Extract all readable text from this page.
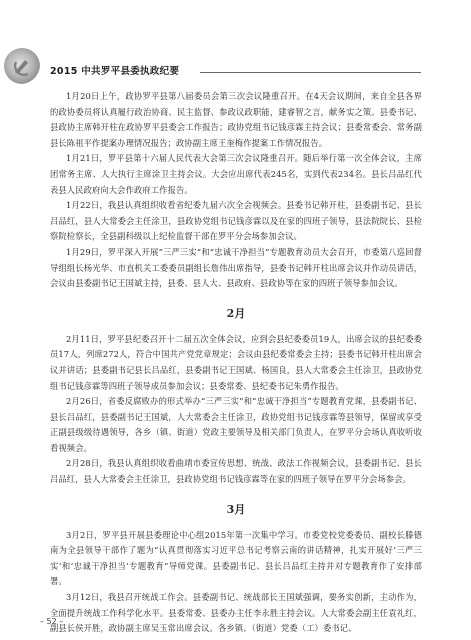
2015 中共罗平县委执政纪要

1月20日上午，政协罗平县第八届委员会第三次会议隆重召开。在4天会议期间，来自全县各界的政协委员将认真履行政治协商、民主监督、参政议政职能，建睿智之言，献务实之策。县委书记、县政协主席韩开柱在政协罗平县委会工作报告；政协党组书记钱彦霖主持会议；县委常委会、常务副县长陈祖平作提案办理情况报告；政协副主席王奎梅作提案工作情况报告。

1月21日，罗平县第十六届人民代表大会第三次会议隆重召开。随后举行第一次全体会议，主席团常务主席、人大执行主席涂卫主持会议。大会应出席代表245名，实到代表234名。县长吕品红代表县人民政府向大会作政府工作报告。

1月22日，我县认真组织收看省纪委九届六次全会视频会。县委书记韩开柱，县委副书记、县长吕品红，县人大常委会主任涂卫，县政协党组书记钱彦霖以及在家的四班子领导，县法院院长、县检察院检察长，全县副科级以上纪检监督干部在罗平分会场参加会议。

1月29日，罗平深入开展“三严三实”和“忠诚干净担当”专题教育动员大会召开，市委第八巡回督导组组长杨光华、市直机关工委委员副组长詹伟出席指导，县委书记韩开柱出席会议并作动员讲话，会议由县委副书记王国斌主持，县委、县人大、县政府、县政协等在家的四班子领导参加会议。

2月

2月11日，罗平县纪委召开十二届五次全体会议，应到会县纪委委员19人，出席会议的县纪委委员17人，列席272人，符合中国共产党党章规定；会议由县纪委常委会主持；县委书记韩开柱出席会议并讲话；县委副书记县长吕品红，县委副书记王国斌、杨国良，县人大常委会主任涂卫，县政协党组书记钱彦霖等四班子领导成员参加会议；县委常委、县纪委书记朱勇作报告。

2月26日，省委反腐败办的形式举办“三严三实”和“忠诚干净担当”专题教育党课，县委副书记、县长吕品红，县委副书记王国斌，人大常委会主任涂卫，政协党组书记钱彦霖等县领导，保留或享受正副县级级待遇领导，各乡（镇、街道）党政主要领导及相关部门负责人，在罗平分会场认真收听收看视频会。

2月28日，我县认真组织收看曲靖市委宣传思想、统战、政法工作视频会议，县委副书记、县长吕品红，县人大常委会主任涂卫，县政协党组书记钱彦霖等在家的四班子领导在罗平分会场参会。

3月

3月2日，罗平县开展县委理论中心组2015年第一次集中学习。市委党校党委委员、副校长滕德南为全县领导干部作了题为“认真贯彻落实习近平总书记考察云南的讲话精神，扎实开展好‘三严三实’和‘忠诚干净担当’专题教育”导师党课。县委副书记、县长吕品红主持并对专题教育作了安排部署。

3月12日，我县召开统战工作会。县委副书记、统战部长王国斌强调，要务实创新，主动作为，全面提升统战工作科学化水平。县委常委、县委办主任李永胜主持会议。人大常委会副主任袁礼红，副县长侯开胜，政协副主席吴玉常出席会议。各乡镇、（街道）党委（工）委书记、

– 52 –
